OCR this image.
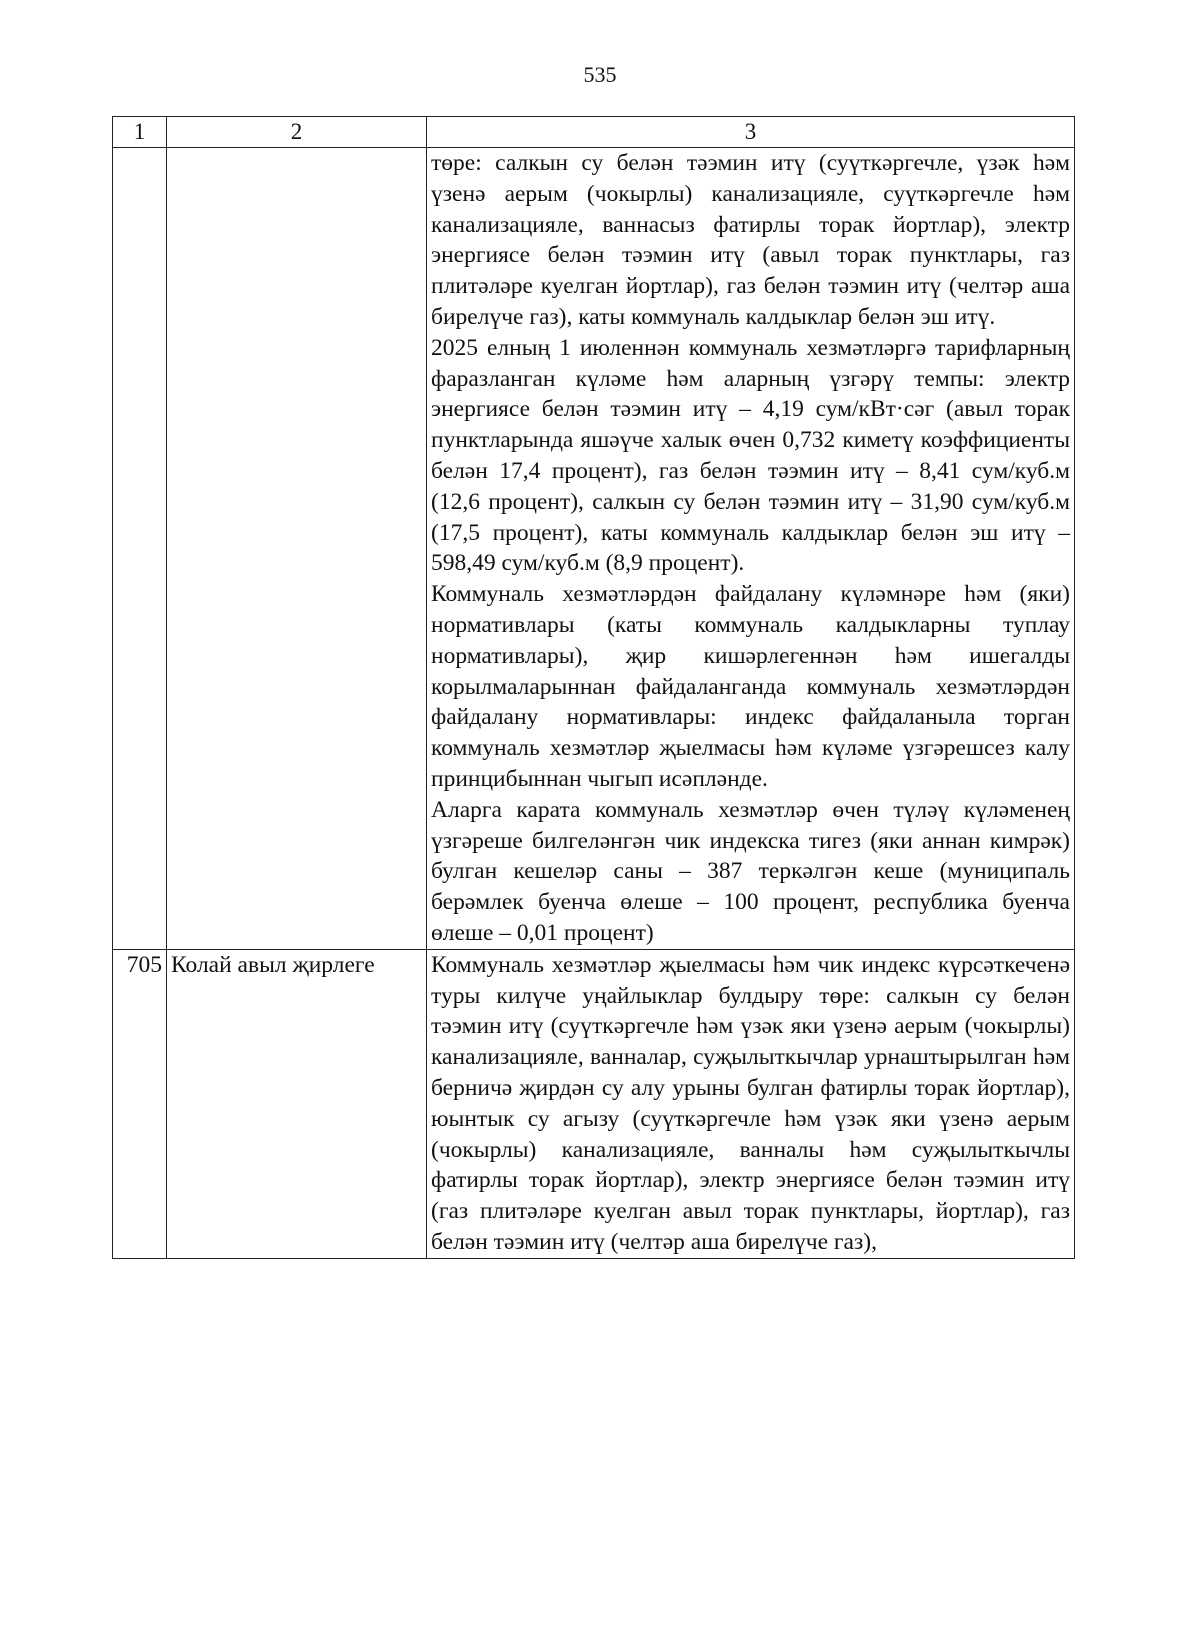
535
1	2	3

		төре: салкын су белән тәэмин итү (суүткәргечле, үзәк һәм үзенә аерым (чокырлы) канализацияле, суүткәргечле һәм канализацияле, ваннасыз фатирлы торак йортлар), электр энергиясе белән тәэмин итү (авыл торак пунктлары, газ плитәләре куелган йортлар), газ белән тәэмин итү (челтәр аша бирелүче газ), каты коммуналь калдыклар белән эш итү.

2025 елның 1 июленнән коммуналь хезмәтләргә тарифларның фаразланган күләме һәм аларның үзгәрү темпы: электр энергиясе белән тәэмин итү – 4,19 сум/кВт·сәг (авыл торак пунктларында яшәүче халык өчен 0,732 киметү коэффициенты белән 17,4 процент), газ белән тәэмин итү – 8,41 сум/куб.м (12,6 процент), салкын су белән тәэмин итү – 31,90 сум/куб.м (17,5 процент), каты коммуналь калдыклар белән эш итү – 598,49 сум/куб.м (8,9 процент).

Коммуналь хезмәтләрдән файдалану күләмнәре һәм (яки) нормативлары (каты коммуналь калдыкларны туплау нормативлары), җир кишәрлегеннән һәм ишегалды корылмаларыннан файдаланганда коммуналь хезмәтләрдән файдалану нормативлары: индекс файдаланыла торган коммуналь хезмәтләр җыелмасы һәм күләме үзгәрешсез калу принцибыннан чыгып исәпләнде.

Аларга карата коммуналь хезмәтләр өчен түләү күләменең үзгәреше билгеләнгән чик индекска тигез (яки аннан кимрәк) булган кешеләр саны – 387 теркәлгән кеше (муниципаль берәмлек буенча өлеше – 100 процент, республика буенча өлеше – 0,01 процент)

705	Колай авыл җирлеге	Коммуналь хезмәтләр җыелмасы һәм чик индекс күрсәткеченә туры килүче уңайлыклар булдыру төре: салкын су белән тәэмин итү (суүткәргечле һәм үзәк яки үзенә аерым (чокырлы) канализацияле, ванналар, суҗылыткычлар урнаштырылган һәм берничә җирдән су алу урыны булган фатирлы торак йортлар), юынтык су агызу (суүткәргечле һәм үзәк яки үзенә аерым (чокырлы) канализацияле, ванналы һәм суҗылыткычлы фатирлы торак йортлар), электр энергиясе белән тәэмин итү (газ плитәләре куелган авыл торак пунктлары, йортлар), газ белән тәэмин итү (челтәр аша бирелүче газ),
